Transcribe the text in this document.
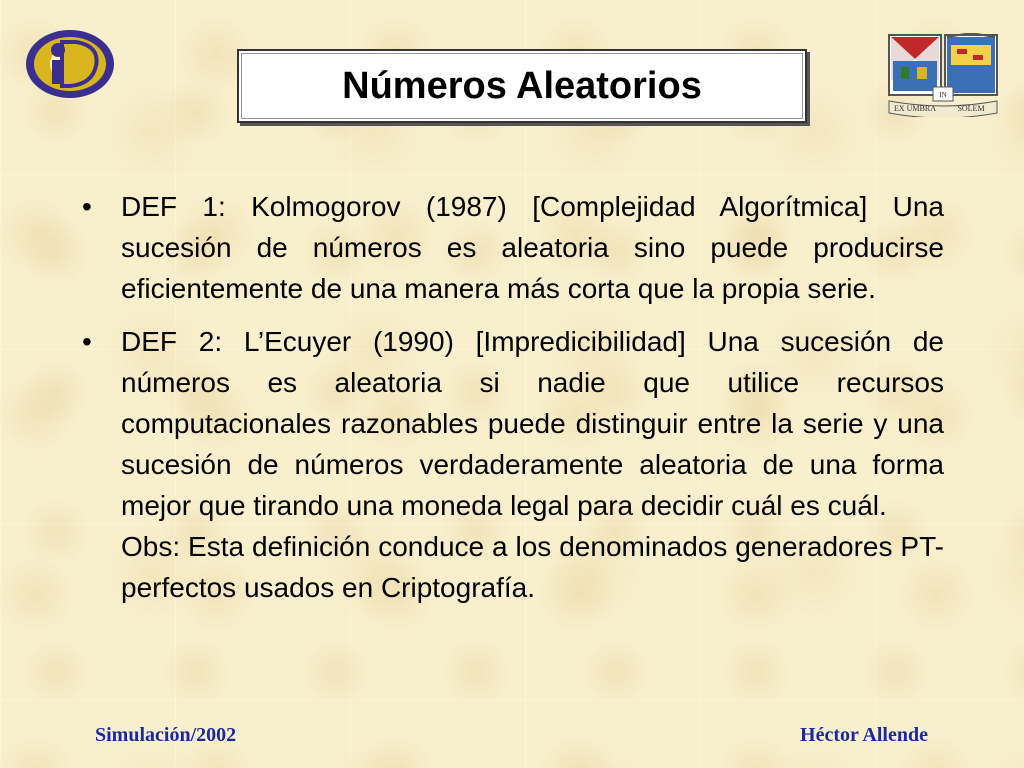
IN
EX UMBRA	SOLEM
Números Aleatorios
•	DEF 1: Kolmogorov (1987) [Complejidad Algorítmica] Una sucesión de números es aleatoria sino puede producirse eficientemente de una manera más corta que la propia serie.
•	DEF 2: L’Ecuyer (1990) [Impredicibilidad] Una sucesión de números es aleatoria si nadie que utilice recursos computacionales razonables puede distinguir entre la serie y una sucesión de números verdaderamente aleatoria de una forma mejor que tirando una moneda legal para decidir cuál es cuál.
Obs: Esta definición conduce a los denominados generadores PT-perfectos usados en Criptografía.
Simulación/2002	Héctor Allende
